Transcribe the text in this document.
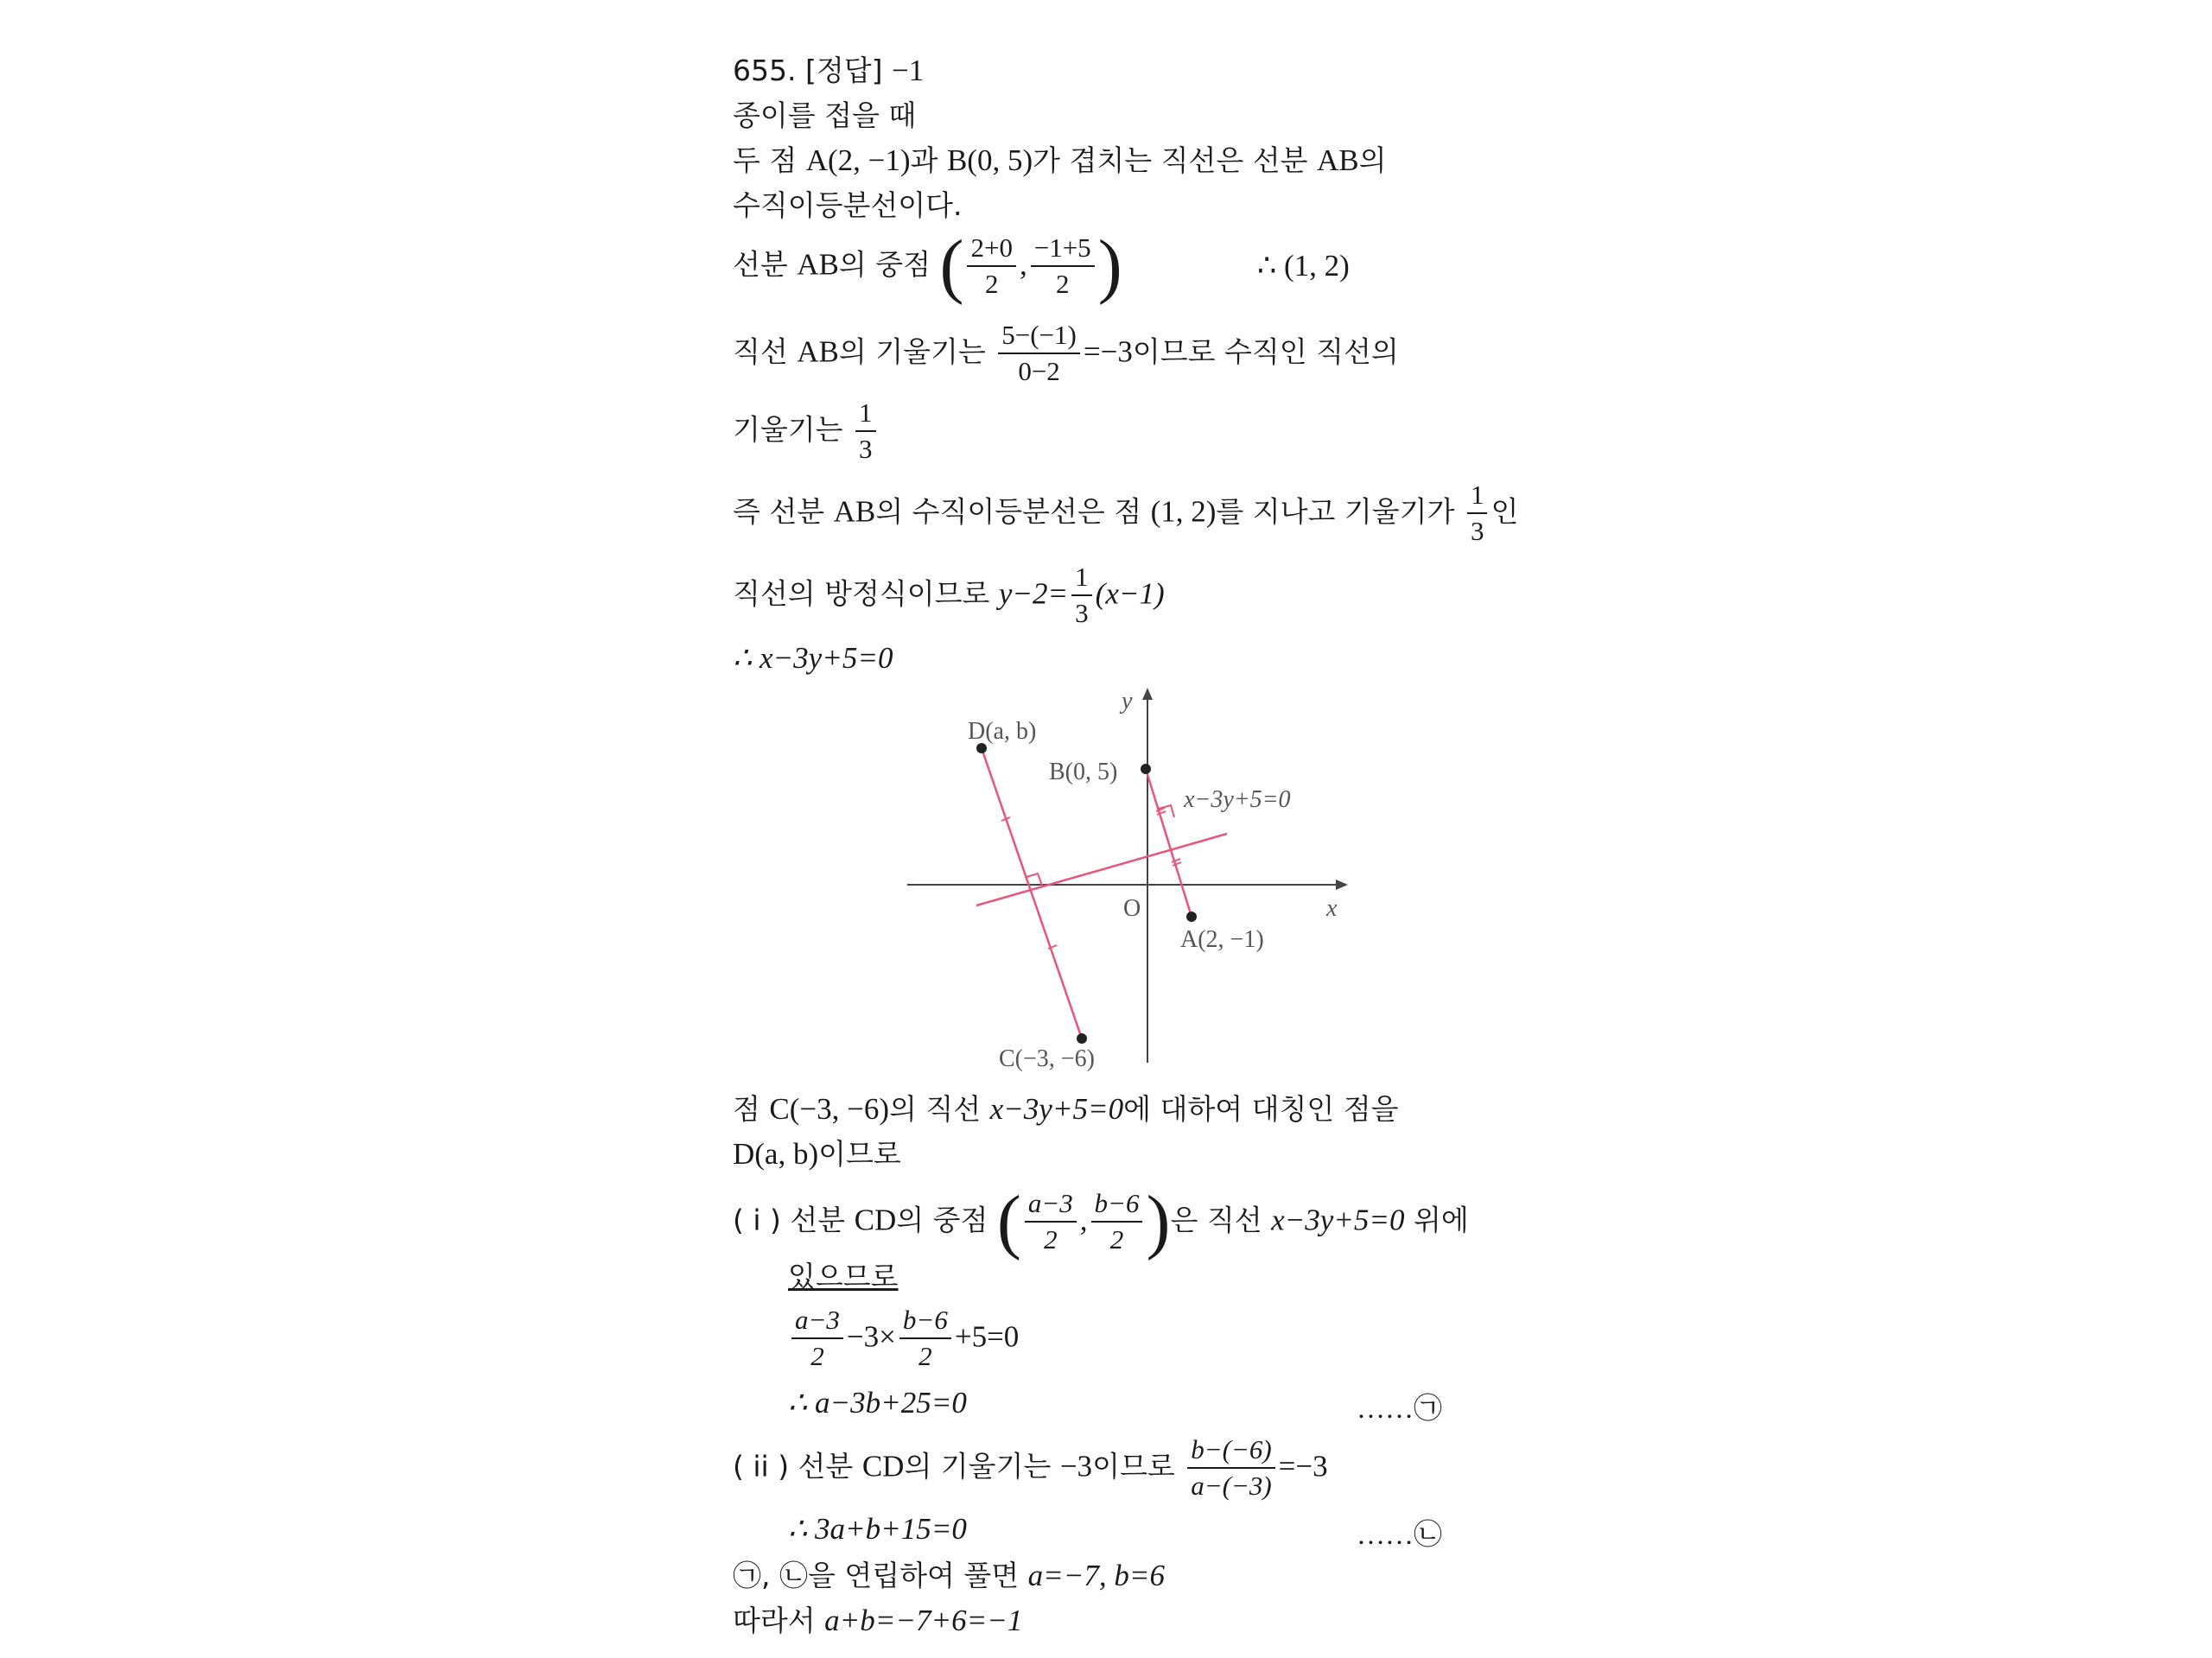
655. [정답] −1
종이를 접을 때
두 점 A(2, −1)과 B(0, 5)가 겹치는 직선은 선분 AB의
수직이등분선이다.
선분 AB의 중점 ( $\frac{2+0}{2}$ , $\frac{-1+5}{2}$ )	∴ (1, 2)
직선 AB의 기울기는 $\frac{5-(-1)}{0-2} =-3$이므로 수직인 직선의
기울기는 $\frac{1}{3}$
즉 선분 AB의 수직이등분선은 점 (1, 2)를 지나고 기울기가 $\frac{1}{3}$ 인
직선의 방정식이므로 $y-2= \frac{1}{3} (x-1)$
∴ x−3y+5=0
D(a, b)
B(0, 5)
x−3y+5=0
O	x
y
A(2, −1)
C(−3, −6)
점 C(−3, −6)의 직선 x−3y+5=0에 대하여 대칭인 점을
D(a, b)이므로
( i ) 선분 CD의 중점 ( $\frac{a-3}{2}$ , $\frac{b-6}{2}$ )은 직선 x−3y+5=0 위에
있으므로
$\frac{a-3}{2} -3\times \frac{b-6}{2} +5=0$
∴ a−3b+25=0	……㉠
( ii ) 선분 CD의 기울기는 −3이므로 $\frac{b-(-6)}{a-(-3)} =-3$
∴ 3a+b+15=0	……㉡
㉠, ㉡을 연립하여 풀면 a=−7, b=6
따라서 a+b=−7+6=−1
